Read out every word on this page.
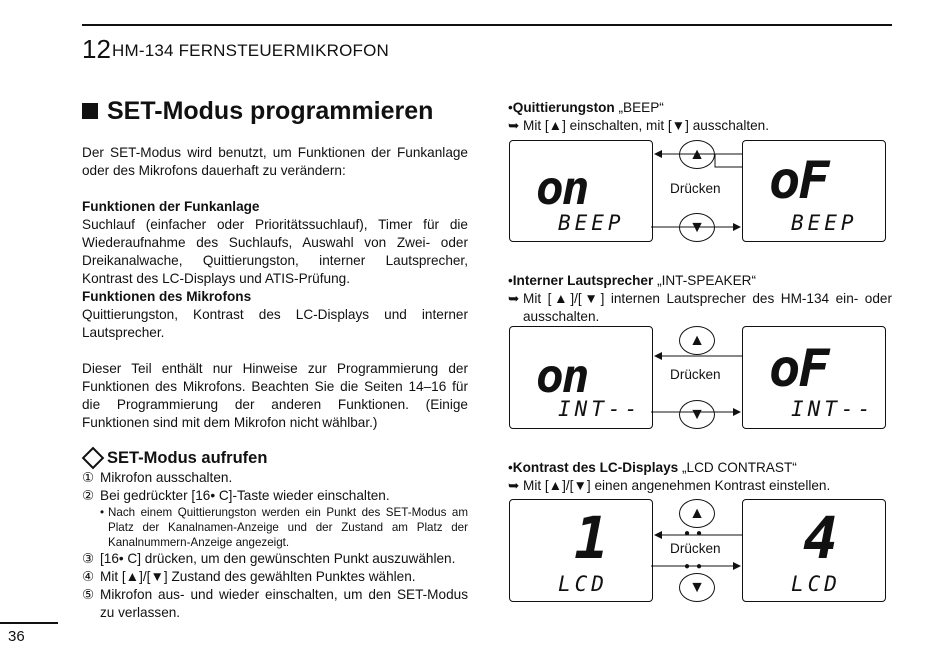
12 HM-134 FERNSTEUERMIKROFON
SET-Modus programmieren

Der SET-Modus wird benutzt, um Funktionen der Funkanlage oder des Mikrofons dauerhaft zu verändern:

Funktionen der Funkanlage

Suchlauf (einfacher oder Prioritätssuchlauf), Timer für die Wiederaufnahme des Suchlaufs, Auswahl von Zwei- oder Dreikanalwache, Quittierungston, interner Lautsprecher, Kontrast des LC-Displays und ATIS-Prüfung.

Funktionen des Mikrofons

Quittierungston, Kontrast des LC-Displays und interner Lautsprecher.

Dieser Teil enthält nur Hinweise zur Programmierung der Funktionen des Mikrofons. Beachten Sie die Seiten 14–16 für die Programmierung der anderen Funktionen. (Einige Funktionen sind mit dem Mikrofon nicht wählbar.)

SET-Modus aufrufen
① Mikrofon ausschalten.
② Bei gedrückter [16• C]-Taste wieder einschalten.
• Nach einem Quittierungston werden ein Punkt des SET-Modus am Platz der Kanalnamen-Anzeige und der Zustand am Platz der Kanalnummern-Anzeige angezeigt.
③ [16• C] drücken, um den gewünschten Punkt auszuwählen.
④ Mit [▲]/[▼] Zustand des gewählten Punktes wählen.
⑤ Mikrofon aus- und wieder einschalten, um den SET-Modus zu verlassen.
•Quittierungston „BEEP“
➥ Mit [▲] einschalten, mit [▼] ausschalten.
on
BEEP
oF
BEEP
▲
▼
Drücken
•Interner Lautsprecher „INT-SPEAKER“
➥ Mit [▲]/[▼] internen Lautsprecher des HM-134 ein- oder ausschalten.
on
INT--
oF
INT--
▲
▼
Drücken
•Kontrast des LC-Displays „LCD CONTRAST“
➥ Mit [▲]/[▼] einen angenehmen Kontrast einstellen.
1
LCD
4
LCD
▲
▼
Drücken
●●
●●
36
